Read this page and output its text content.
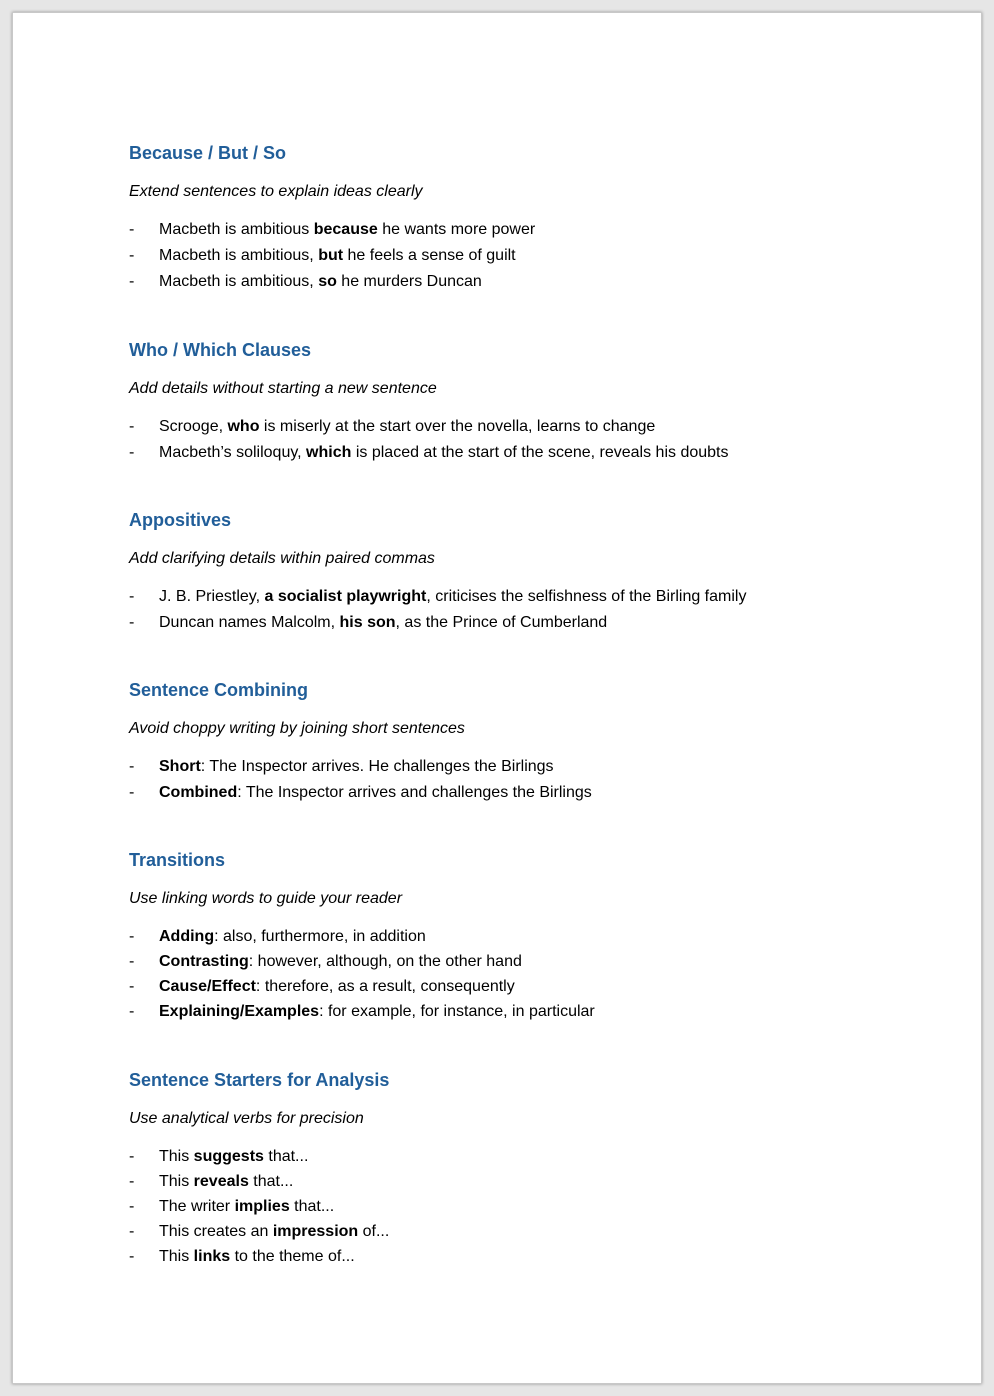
Because / But / So
Extend sentences to explain ideas clearly
- Macbeth is ambitious because he wants more power
- Macbeth is ambitious, but he feels a sense of guilt
- Macbeth is ambitious, so he murders Duncan
Who / Which Clauses
Add details without starting a new sentence
- Scrooge, who is miserly at the start over the novella, learns to change
- Macbeth’s soliloquy, which is placed at the start of the scene, reveals his doubts
Appositives
Add clarifying details within paired commas
- J. B. Priestley, a socialist playwright, criticises the selfishness of the Birling family
- Duncan names Malcolm, his son, as the Prince of Cumberland
Sentence Combining
Avoid choppy writing by joining short sentences
- Short: The Inspector arrives. He challenges the Birlings
- Combined: The Inspector arrives and challenges the Birlings
Transitions
Use linking words to guide your reader
- Adding: also, furthermore, in addition
- Contrasting: however, although, on the other hand
- Cause/Effect: therefore, as a result, consequently
- Explaining/Examples: for example, for instance, in particular
Sentence Starters for Analysis
Use analytical verbs for precision
- This suggests that...
- This reveals that...
- The writer implies that...
- This creates an impression of...
- This links to the theme of...
